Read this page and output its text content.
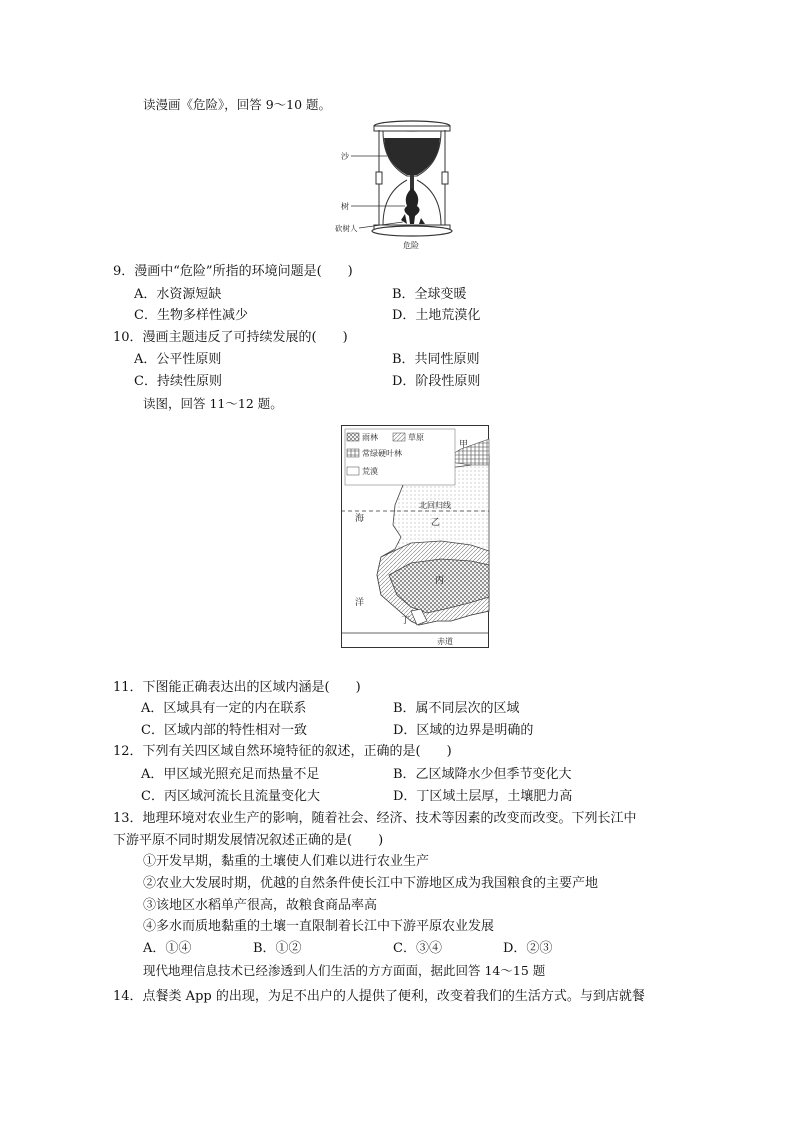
读漫画《危险》，回答 9～10 题。
沙
树
砍树人
危险
9．漫画中“危险”所指的环境问题是(　　)
A．水资源短缺	B．全球变暖
C．生物多样性减少	D．土地荒漠化
10．漫画主题违反了可持续发展的(　　)
A．公平性原则	B．共同性原则
C．持续性原则	D．阶段性原则
读图，回答 11～12 题。
雨林	草原
常绿硬叶林
荒漠
甲
乙
丙
丁
北回归线
海
洋
赤道
11．下图能正确表达出的区域内涵是(　　)
A．区域具有一定的内在联系	B．属不同层次的区域
C．区域内部的特性相对一致	D．区域的边界是明确的
12．下列有关四区域自然环境特征的叙述，正确的是(　　)
A．甲区域光照充足而热量不足	B．乙区域降水少但季节变化大
C．丙区域河流长且流量变化大	D．丁区域土层厚，土壤肥力高
13．地理环境对农业生产的影响，随着社会、经济、技术等因素的改变而改变。下列长江中
下游平原不同时期发展情况叙述正确的是(　　)
①开发早期，黏重的土壤使人们难以进行农业生产
②农业大发展时期，优越的自然条件使长江中下游地区成为我国粮食的主要产地
③该地区水稻单产很高，故粮食商品率高
④多水而质地黏重的土壤一直限制着长江中下游平原农业发展
A．①④	B．①②	C．③④	D．②③
现代地理信息技术已经渗透到人们生活的方方面面，据此回答 14～15 题
14．点餐类 App 的出现，为足不出户的人提供了便利，改变着我们的生活方式。与到店就餐
